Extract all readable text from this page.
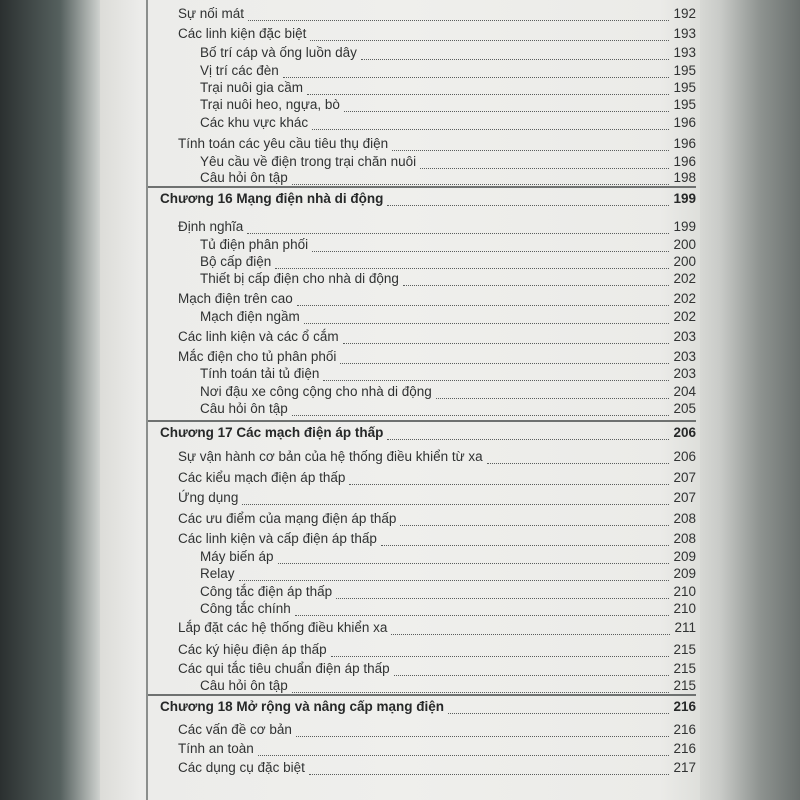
Sự nối mát	192
Các linh kiện đặc biệt	193
Bố trí cáp và ống luồn dây	193
Vị trí các đèn	195
Trại nuôi gia cầm	195
Trại nuôi heo, ngựa, bò	195
Các khu vực khác	196
Tính toán các yêu cầu tiêu thụ điện	196
Yêu cầu về điện trong trại chăn nuôi	196
Câu hỏi ôn tập	198
Chương 16 Mạng điện nhà di động	199
Định nghĩa	199
Tủ điện phân phối	200
Bộ cấp điện	200
Thiết bị cấp điện cho nhà di động	202
Mạch điện trên cao	202
Mạch điện ngầm	202
Các linh kiện và các ổ cắm	203
Mắc điện cho tủ phân phối	203
Tính toán tải tủ điện	203
Nơi đậu xe công cộng cho nhà di động	204
Câu hỏi ôn tập	205
Chương 17 Các mạch điện áp thấp	206
Sự vận hành cơ bản của hệ thống điều khiển từ xa	206
Các kiểu mạch điện áp thấp	207
Ứng dụng	207
Các ưu điểm của mạng điện áp thấp	208
Các linh kiện và cấp điện áp thấp	208
Máy biến áp	209
Relay	209
Công tắc điện áp thấp	210
Công tắc chính	210
Lắp đặt các hệ thống điều khiển xa	211
Các ký hiệu điện áp thấp	215
Các qui tắc tiêu chuẩn điện áp thấp	215
Câu hỏi ôn tập	215
Chương 18 Mở rộng và nâng cấp mạng điện	216
Các vấn đề cơ bản	216
Tính an toàn	216
Các dụng cụ đặc biệt	217
